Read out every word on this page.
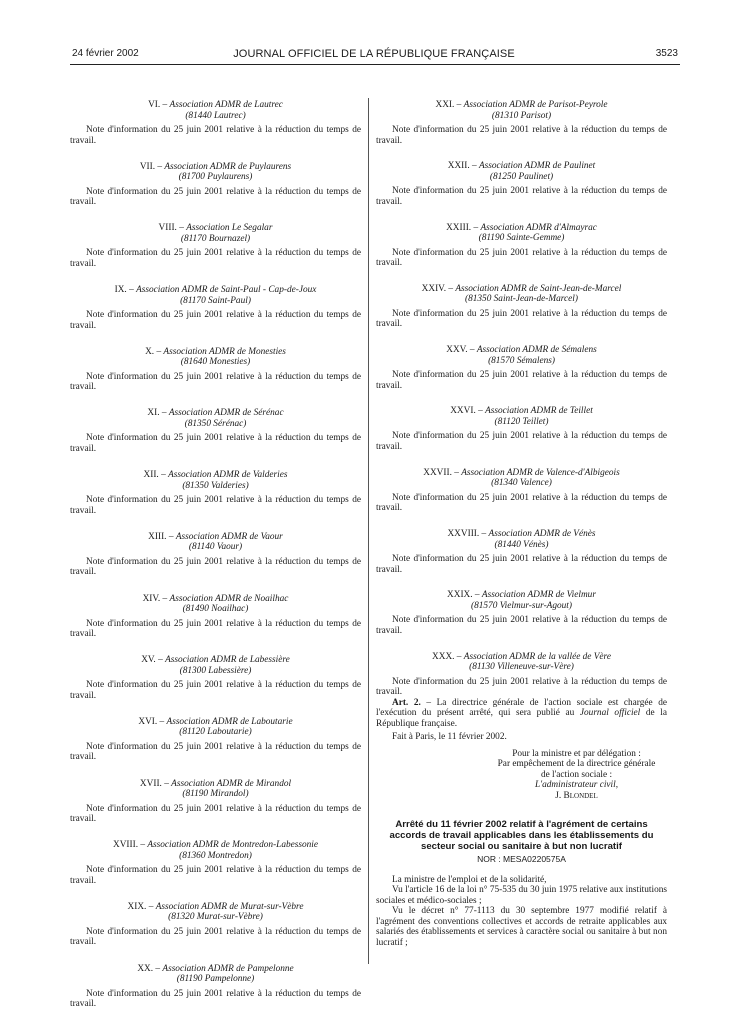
24 février 2002	JOURNAL OFFICIEL DE LA RÉPUBLIQUE FRANÇAISE	3523

VI. – Association ADMR de Lautrec

(81440 Lautrec)

Note d'information du 25 juin 2001 relative à la réduction du temps de travail.

VII. – Association ADMR de Puylaurens

(81700 Puylaurens)

Note d'information du 25 juin 2001 relative à la réduction du temps de travail.

VIII. – Association Le Segalar

(81170 Bournazel)

Note d'information du 25 juin 2001 relative à la réduction du temps de travail.

IX. – Association ADMR de Saint-Paul - Cap-de-Joux

(81170 Saint-Paul)

Note d'information du 25 juin 2001 relative à la réduction du temps de travail.

X. – Association ADMR de Monesties

(81640 Monesties)

Note d'information du 25 juin 2001 relative à la réduction du temps de travail.

XI. – Association ADMR de Sérénac

(81350 Sérénac)

Note d'information du 25 juin 2001 relative à la réduction du temps de travail.

XII. – Association ADMR de Valderies

(81350 Valderies)

Note d'information du 25 juin 2001 relative à la réduction du temps de travail.

XIII. – Association ADMR de Vaour

(81140 Vaour)

Note d'information du 25 juin 2001 relative à la réduction du temps de travail.

XIV. – Association ADMR de Noailhac

(81490 Noailhac)

Note d'information du 25 juin 2001 relative à la réduction du temps de travail.

XV. – Association ADMR de Labessière

(81300 Labessière)

Note d'information du 25 juin 2001 relative à la réduction du temps de travail.

XVI. – Association ADMR de Laboutarie

(81120 Laboutarie)

Note d'information du 25 juin 2001 relative à la réduction du temps de travail.

XVII. – Association ADMR de Mirandol

(81190 Mirandol)

Note d'information du 25 juin 2001 relative à la réduction du temps de travail.

XVIII. – Association ADMR de Montredon-Labessonie

(81360 Montredon)

Note d'information du 25 juin 2001 relative à la réduction du temps de travail.

XIX. – Association ADMR de Murat-sur-Vèbre

(81320 Murat-sur-Vèbre)

Note d'information du 25 juin 2001 relative à la réduction du temps de travail.

XX. – Association ADMR de Pampelonne

(81190 Pampelonne)

Note d'information du 25 juin 2001 relative à la réduction du temps de travail.

XXI. – Association ADMR de Parisot-Peyrole

(81310 Parisot)

Note d'information du 25 juin 2001 relative à la réduction du temps de travail.

XXII. – Association ADMR de Paulinet

(81250 Paulinet)

Note d'information du 25 juin 2001 relative à la réduction du temps de travail.

XXIII. – Association ADMR d'Almayrac

(81190 Sainte-Gemme)

Note d'information du 25 juin 2001 relative à la réduction du temps de travail.

XXIV. – Association ADMR de Saint-Jean-de-Marcel

(81350 Saint-Jean-de-Marcel)

Note d'information du 25 juin 2001 relative à la réduction du temps de travail.

XXV. – Association ADMR de Sémalens

(81570 Sémalens)

Note d'information du 25 juin 2001 relative à la réduction du temps de travail.

XXVI. – Association ADMR de Teillet

(81120 Teillet)

Note d'information du 25 juin 2001 relative à la réduction du temps de travail.

XXVII. – Association ADMR de Valence-d'Albigeois

(81340 Valence)

Note d'information du 25 juin 2001 relative à la réduction du temps de travail.

XXVIII. – Association ADMR de Vénès

(81440 Vénès)

Note d'information du 25 juin 2001 relative à la réduction du temps de travail.

XXIX. – Association ADMR de Vielmur

(81570 Vielmur-sur-Agout)

Note d'information du 25 juin 2001 relative à la réduction du temps de travail.

XXX. – Association ADMR de la vallée de Vère

(81130 Villeneuve-sur-Vère)

Note d'information du 25 juin 2001 relative à la réduction du temps de travail.

Art. 2. – La directrice générale de l'action sociale est chargée de l'exécution du présent arrêté, qui sera publié au Journal officiel de la République française.

Fait à Paris, le 11 février 2002.

Pour la ministre et par délégation :

Par empêchement de la directrice générale

de l'action sociale :

L'administrateur civil,

J. Blondel

Arrêté du 11 février 2002 relatif à l'agrément de certains accords de travail applicables dans les établissements du secteur social ou sanitaire à but non lucratif

NOR : MESA0220575A

La ministre de l'emploi et de la solidarité,

Vu l'article 16 de la loi n° 75-535 du 30 juin 1975 relative aux institutions sociales et médico-sociales ;

Vu le décret n° 77-1113 du 30 septembre 1977 modifié relatif à l'agrément des conventions collectives et accords de retraite applicables aux salariés des établissements et services à caractère social ou sanitaire à but non lucratif ;
